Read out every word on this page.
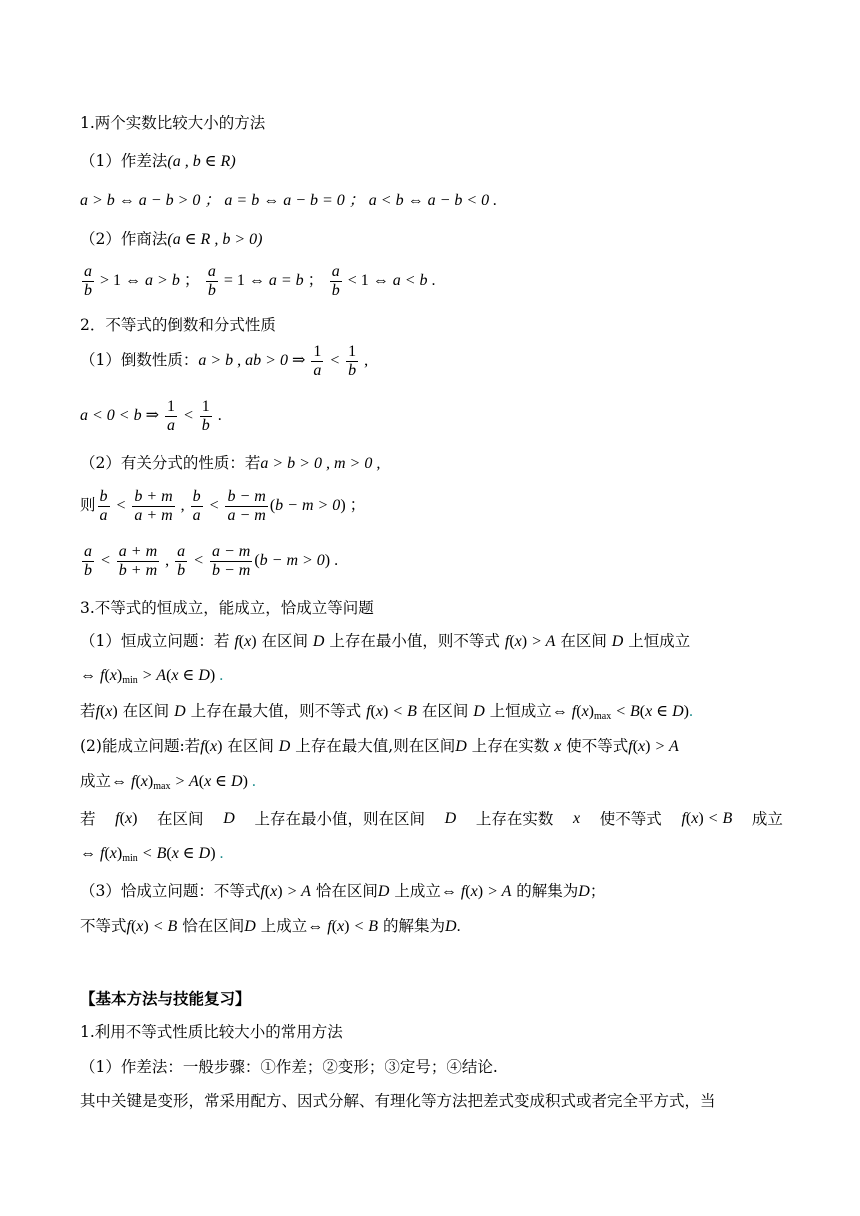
1.两个实数比较大小的方法
（1）作差法(a , b ∈ R)
a > b ⇔ a − b > 0 ； a = b ⇔ a − b = 0 ； a < b ⇔ a − b < 0 .
（2）作商法(a ∈ R , b > 0)
$\frac{a}{b} > 1$ ⇔ a > b ； $\frac{a}{b} = 1$ ⇔ a = b ； $\frac{a}{b} < 1$ ⇔ a < b .
2．不等式的倒数和分式性质
（1）倒数性质：a > b , ab > 0 ⇒ $\frac{1}{a} < \frac{1}{b}$ ,
a < 0 < b ⇒ $\frac{1}{a} < \frac{1}{b}$ .
（2）有关分式的性质：若a > b > 0 , m > 0 ,
则 $\frac{b}{a} < \frac{b + m}{a + m}$ , $\frac{b}{a} < \frac{b - m}{a - m} (b - m > 0)$ ；
$\frac{a}{b} < \frac{a + m}{b + m}$ , $\frac{a}{b} < \frac{a - m}{b - m} (b - m > 0)$ .
3.不等式的恒成立，能成立，恰成立等问题
（1）恒成立问题：若 f(x) 在区间 D 上存在最小值，则不等式 f(x) > A 在区间 D 上恒成立
⇔ $f(x)_{min} > A(x$ ∈ D) .
若f(x) 在区间 D 上存在最大值，则不等式 f(x) < B 在区间 D 上恒成立⇔ $f(x)_{max} < B(x$ ∈ D).
(2)能成立问题:若f(x) 在区间 D 上存在最大值,则在区间D 上存在实数 x 使不等式f(x) > A
成立⇔ $f(x)_{max} > A(x$ ∈ D) .
若 f(x) 在区间 D 上存在最小值，则在区间 D 上存在实数 x 使不等式 f(x) < B 成立
⇔ $f(x)_{min} < B(x$ ∈ D) .
（3）恰成立问题：不等式f(x) > A 恰在区间D 上成立⇔ f(x) > A 的解集为D；
不等式f(x) < B 恰在区间D 上成立⇔ f(x) < B 的解集为D.
【基本方法与技能复习】
1.利用不等式性质比较大小的常用方法
（1）作差法：一般步骤：①作差；②变形；③定号；④结论.
其中关键是变形，常采用配方、因式分解、有理化等方法把差式变成积式或者完全平方式，当
